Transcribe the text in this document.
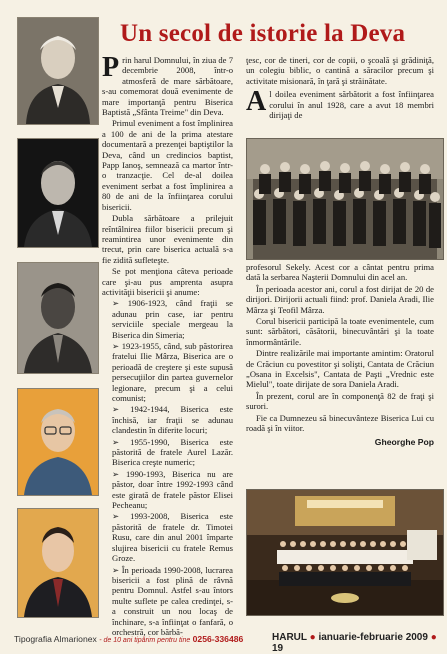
Un secol de istorie la Deva

Prin harul Domnului, în ziua de 7 decembrie 2008, într-o atmosferă de mare sărbătoare, s-au comemorat două evenimente de mare importanţă pentru Biserica Baptistă „Sfânta Treime" din Deva.

Primul eveniment a fost împlinirea a 100 de ani de la prima atestare documentară a prezenţei baptiştilor la Deva, când un credincios baptist, Papp Ianoş, semnează ca martor într-o tranzacţie. Cel de-al doilea eveniment serbat a fost împlinirea a 80 de ani de la înfiinţarea corului bisericii.

Dubla sărbătoare a prilejuit reîntâlnirea fiilor bisericii precum şi reamintirea unor evenimente din trecut, prin care biserica actuală s-a fie zidită sufleteşte.

Se pot menţiona câteva perioade care şi-au pus amprenta asupra activităţii bisericii şi anume:

➢ 1906-1923, când fraţii se adunau prin case, iar pentru serviciile speciale mergeau la Biserica din Simeria;

➢ 1923-1955, când, sub păstorirea fratelui Ilie Mârza, Biserica are o perioadă de creştere şi este supusă persecuţiilor din partea guvernelor legionare, precum şi a celui comunist;

➢ 1942-1944, Biserica este închisă, iar fraţii se adunau clandestin în diferite locuri;

➢ 1955-1990, Biserica este păstorită de fratele Aurel Lazăr. Biserica creşte numeric;

➢ 1990-1993, Biserica nu are păstor, doar între 1992-1993 când este girată de fratele păstor Elisei Pecheanu;

➢ 1993-2008, Biserica este păstorită de fratele dr. Timotei Rusu, care din anul 2001 împarte slujirea bisericii cu fratele Remus Groze.

➢ În perioada 1990-2008, lucrarea bisericii a fost plină de râvnă pentru Domnul. Astfel s-au întors multe suflete pe calea credinţei, s-a construit un nou locaş de închinare, s-a înfiinţat o fanfară, o orchestră, cor bărbă-

ţesc, cor de tineri, cor de copii, o şcoală şi grădiniţă, un colegiu biblic, o cantină a săracilor precum şi activitate misionară, în ţară şi străinătate.

Al doilea eveniment sărbătorit a fost înfiinţarea corului în anul 1928, care a avut 18 membri dirijaţi de

profesorul Sekely. Acest cor a cântat pentru prima dată la serbarea Naşterii Domnului din acel an.

În perioada acestor ani, corul a fost dirijat de 20 de dirijori. Dirijorii actuali fiind: prof. Daniela Aradi, Ilie Mârza şi Teofil Mârza.

Corul bisericii participă la toate evenimentele, cum sunt: sărbători, căsătorii, binecuvântări şi la toate înmormântările.

Dintre realizările mai importante amintim: Oratorul de Crăciun cu povestitor şi solişti, Cantata de Crăciun „Osana in Excelsis", Cantata de Paşti „Vrednic este Mielul", toate dirijate de sora Daniela Aradi.

În prezent, corul are în componenţă 82 de fraţi şi surori.

Fie ca Dumnezeu să binecuvânteze Biserica Lui cu roadă şi în viitor.

Gheorghe Pop

Tipografia Almarionex - de 10 ani tipărim pentru tine 0256-336486	HARUL ● ianuarie-februarie 2009 ● 19
